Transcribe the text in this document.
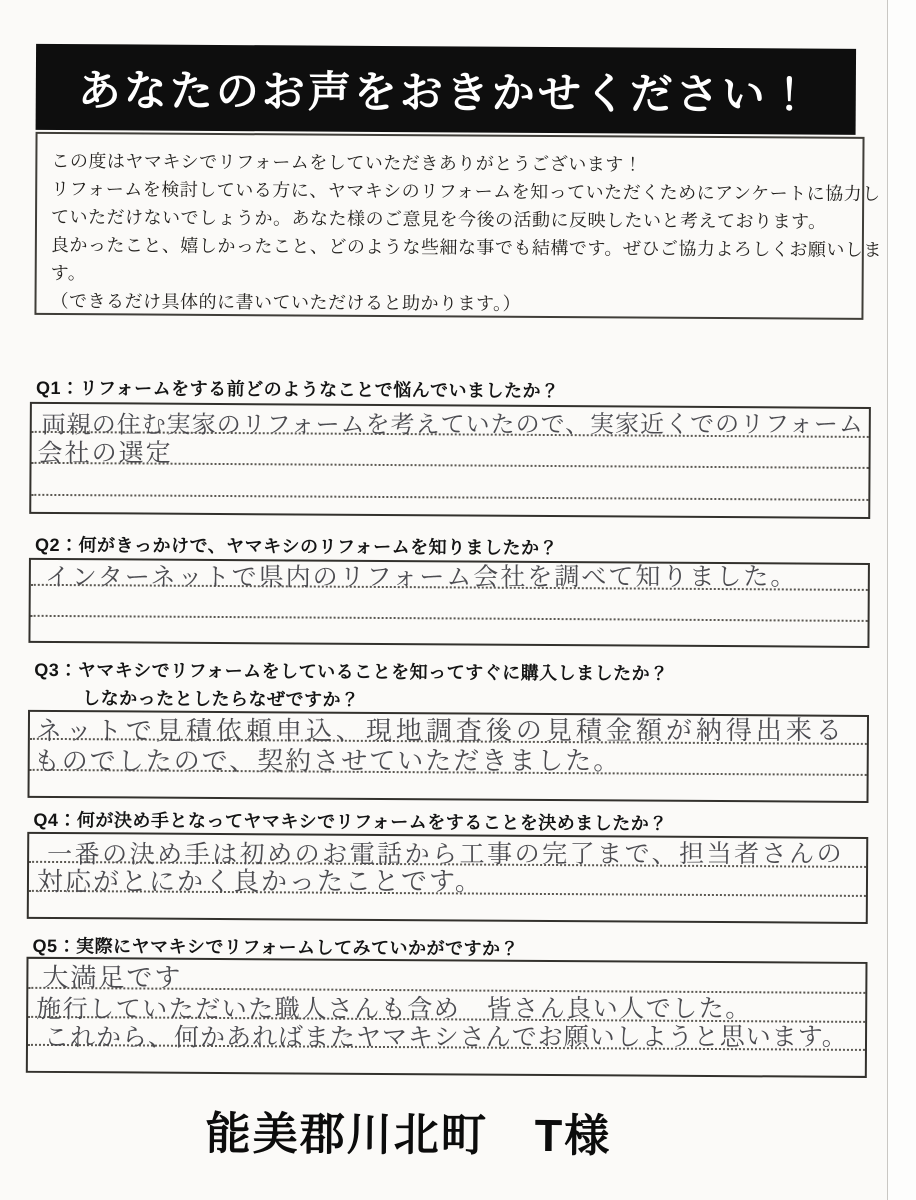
あなたのお声をおきかせください！
この度はヤマキシでリフォームをしていただきありがとうございます！
リフォームを検討している方に、ヤマキシのリフォームを知っていただくためにアンケートに協力し
ていただけないでしょうか。あなた様のご意見を今後の活動に反映したいと考えております。
良かったこと、嬉しかったこと、どのような些細な事でも結構です。ぜひご協力よろしくお願いしま
す。
（できるだけ具体的に書いていただけると助かります。）
Q1：リフォームをする前どのようなことで悩んでいましたか？
両親の住む実家のリフォームを考えていたので、実家近くでのリフォーム
会社の選定
Q2：何がきっかけで、ヤマキシのリフォームを知りましたか？
インターネットで県内のリフォーム会社を調べて知りました。
Q3：ヤマキシでリフォームをしていることを知ってすぐに購入しましたか？
しなかったとしたらなぜですか？
ネットで見積依頼申込、現地調査後の見積金額が納得出来る
ものでしたので、契約させていただきました。
Q4：何が決め手となってヤマキシでリフォームをすることを決めましたか？
一番の決め手は初めのお電話から工事の完了まで、担当者さんの
対応がとにかく良かったことです。
Q5：実際にヤマキシでリフォームしてみていかがですか？
大満足です
施行していただいた職人さんも含め　皆さん良い人でした。
これから、何かあればまたヤマキシさんでお願いしようと思います。
能美郡川北町　T様
